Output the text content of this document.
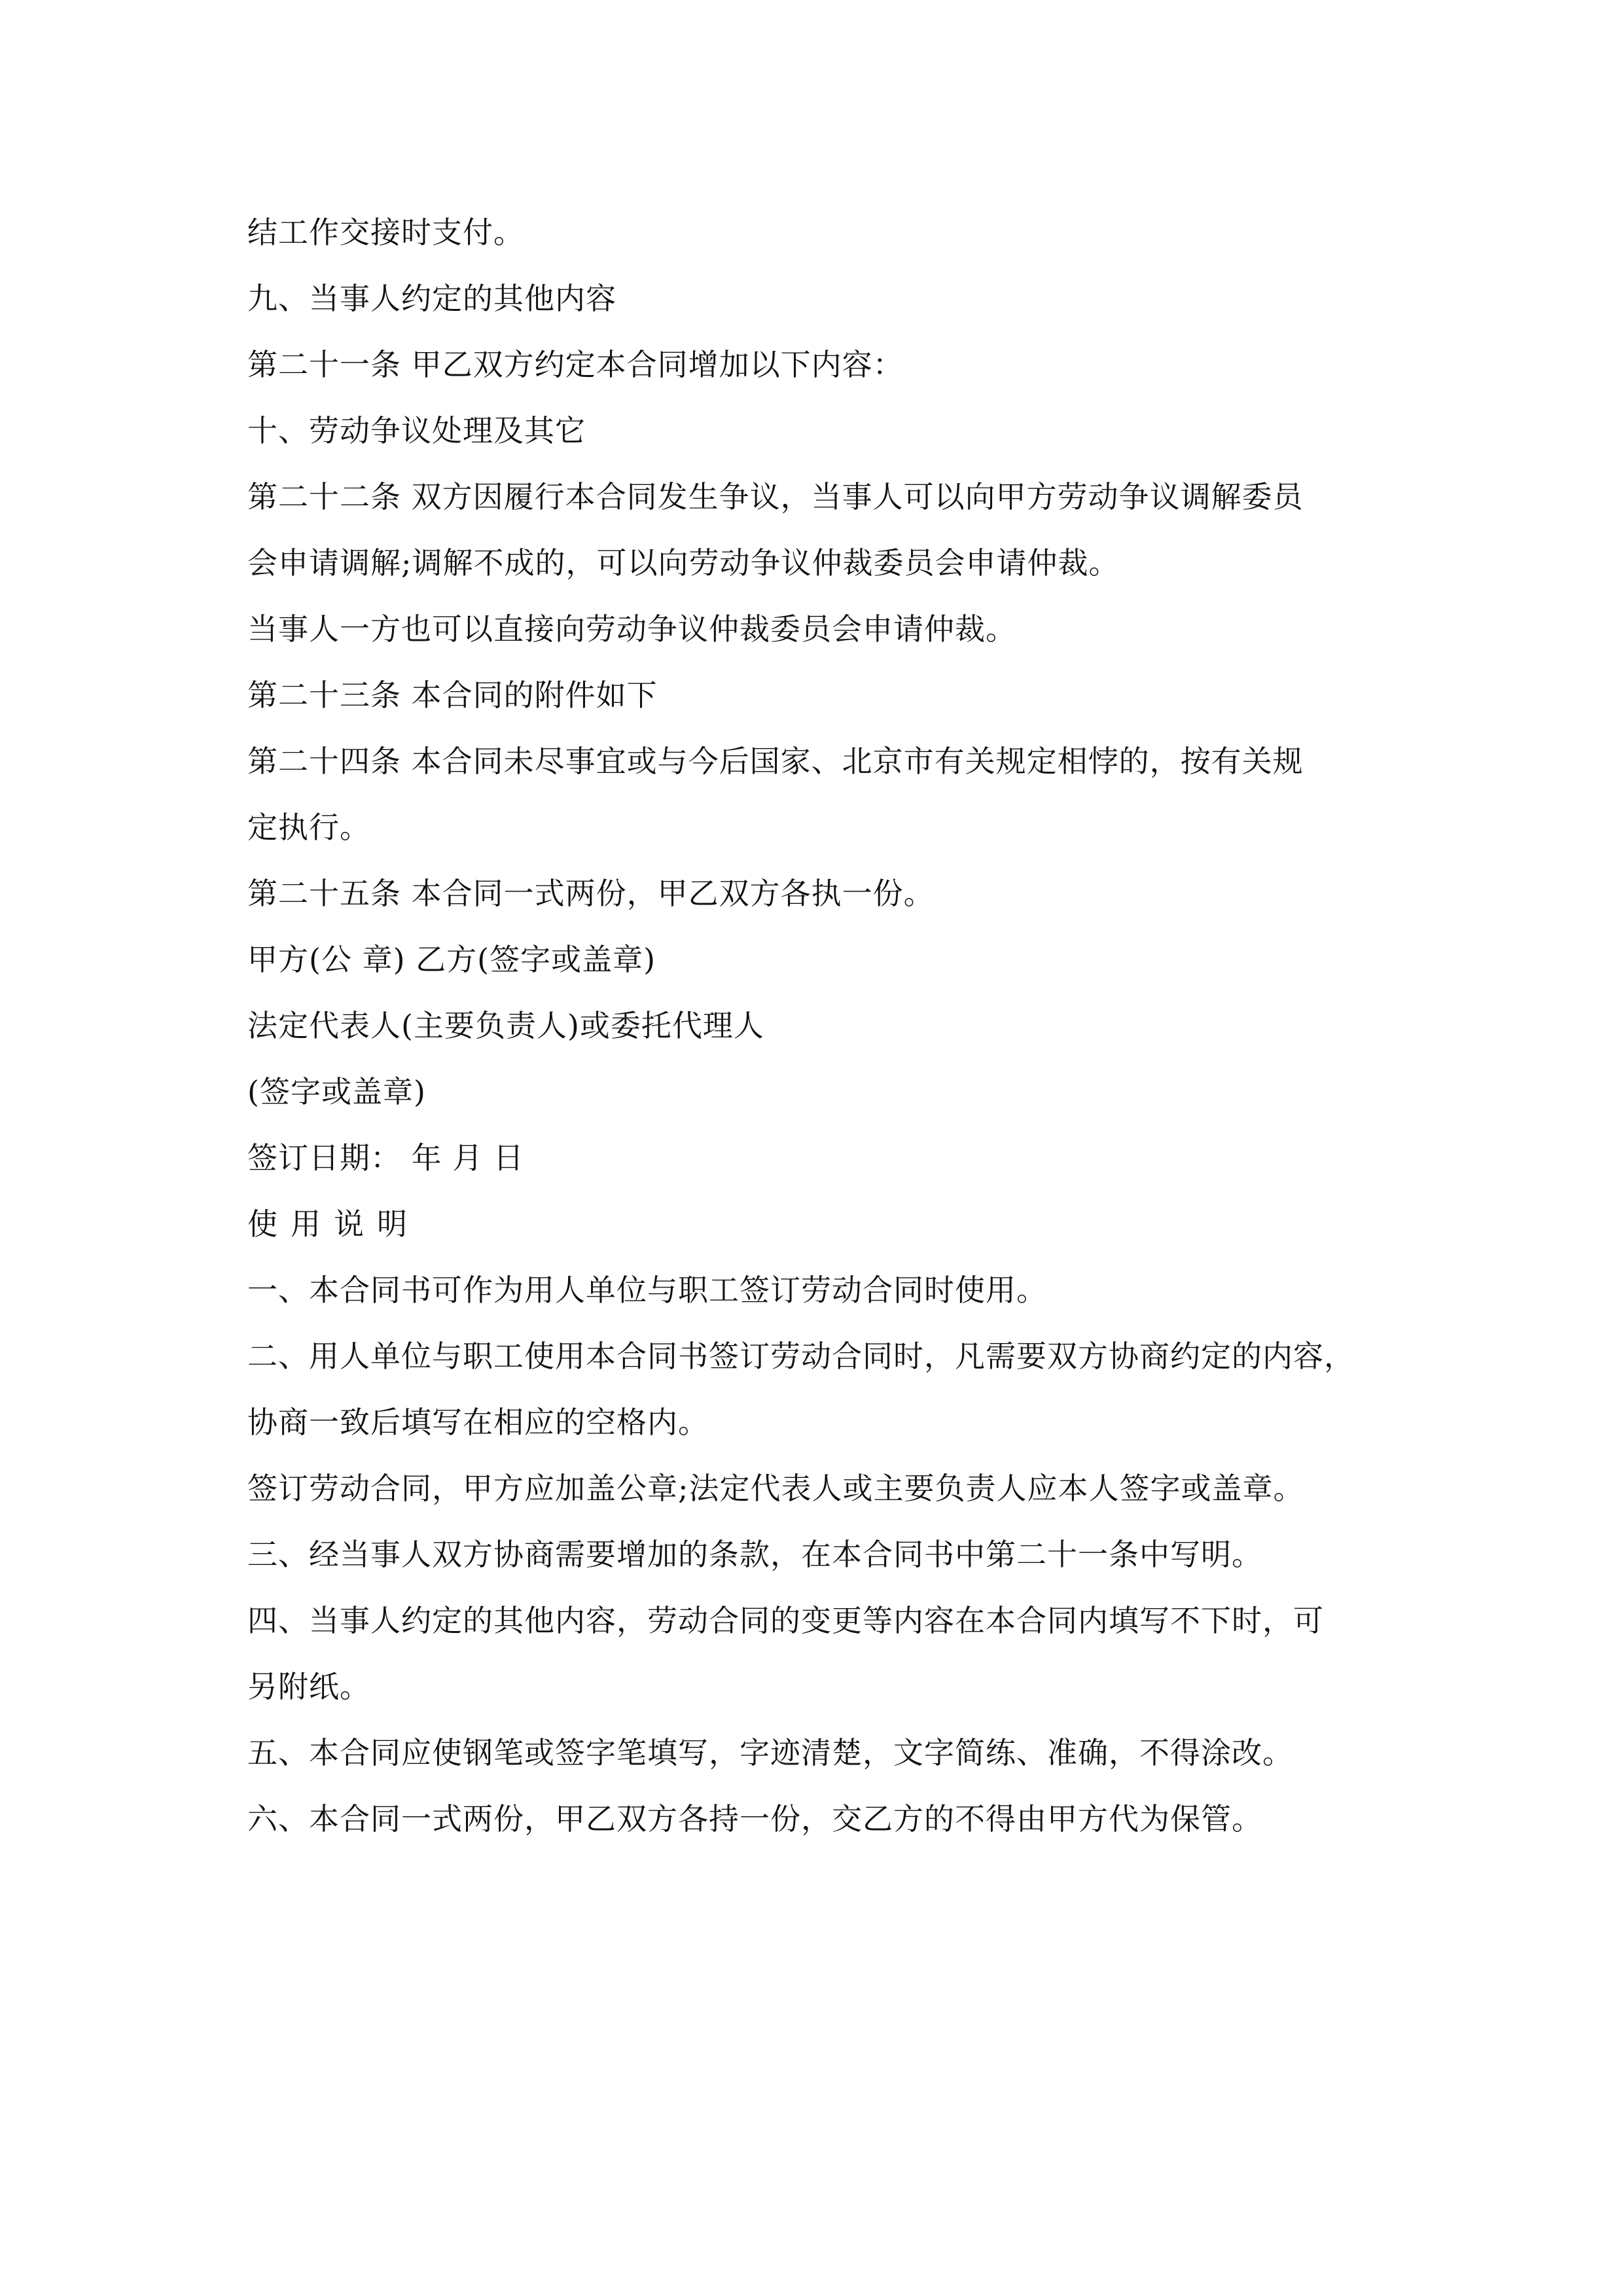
结工作交接时支付。
九、当事人约定的其他内容
第二十一条 甲乙双方约定本合同增加以下内容：
十、劳动争议处理及其它
第二十二条 双方因履行本合同发生争议，当事人可以向甲方劳动争议调解委员
会申请调解;调解不成的，可以向劳动争议仲裁委员会申请仲裁。
当事人一方也可以直接向劳动争议仲裁委员会申请仲裁。
第二十三条 本合同的附件如下
第二十四条 本合同未尽事宜或与今后国家、北京市有关规定相悖的，按有关规
定执行。
第二十五条 本合同一式两份，甲乙双方各执一份。
甲方(公 章) 乙方(签字或盖章)
法定代表人(主要负责人)或委托代理人
(签字或盖章)
签订日期： 年 月 日
使用说明
一、本合同书可作为用人单位与职工签订劳动合同时使用。
二、用人单位与职工使用本合同书签订劳动合同时，凡需要双方协商约定的内容，
协商一致后填写在相应的空格内。
签订劳动合同，甲方应加盖公章;法定代表人或主要负责人应本人签字或盖章。
三、经当事人双方协商需要增加的条款，在本合同书中第二十一条中写明。
四、当事人约定的其他内容，劳动合同的变更等内容在本合同内填写不下时，可
另附纸。
五、本合同应使钢笔或签字笔填写，字迹清楚，文字简练、准确，不得涂改。
六、本合同一式两份，甲乙双方各持一份，交乙方的不得由甲方代为保管。
